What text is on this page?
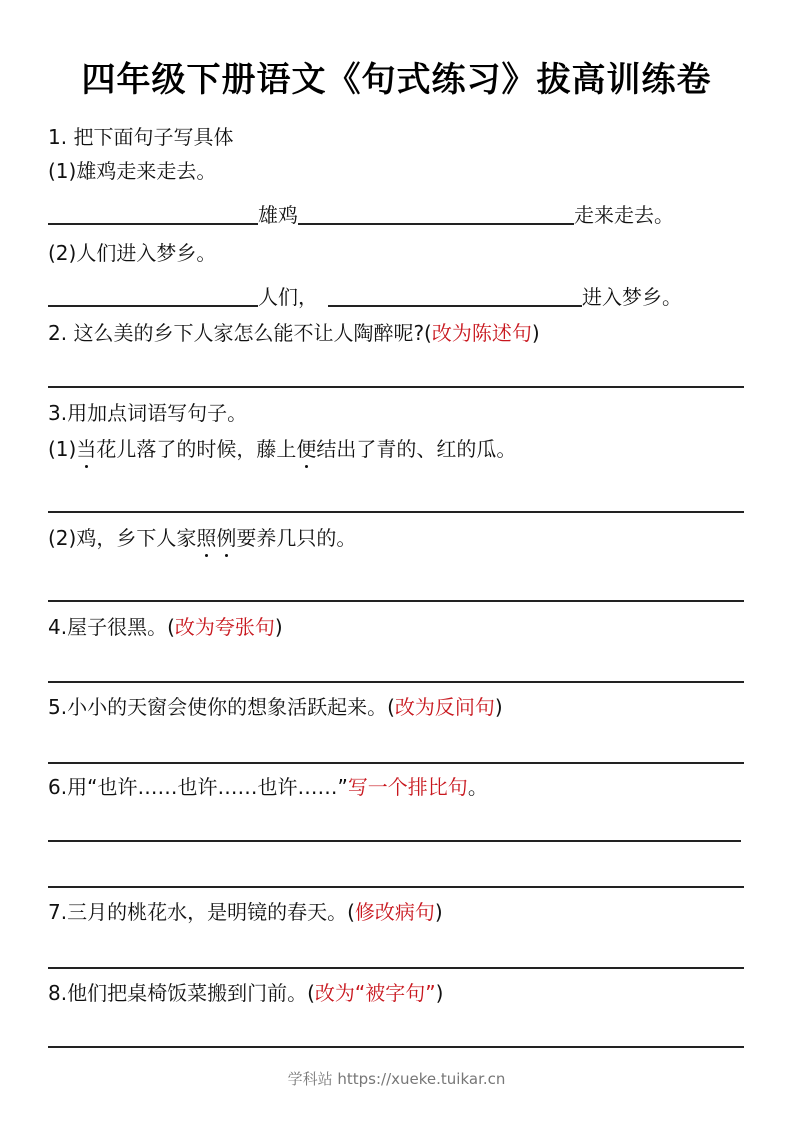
四年级下册语文《句式练习》拔高训练卷
1. 把下面句子写具体
(1)雄鸡走来走去。
雄鸡	走来走去。
(2)人们进入梦乡。
人们，	进入梦乡。
2. 这么美的乡下人家怎么能不让人陶醉呢?(改为陈述句)
3.用加点词语写句子。
(1)当花儿落了的时候，藤上便结出了青的、红的瓜。
(2)鸡，乡下人家照例要养几只的。
4.屋子很黑。(改为夸张句)
5.小小的天窗会使你的想象活跃起来。(改为反问句)
6.用“也许……也许……也许……”写一个排比句。
7.三月的桃花水，是明镜的春天。(修改病句)
8.他们把桌椅饭菜搬到门前。(改为“被字句”)
学科站 https://xueke.tuikar.cn
